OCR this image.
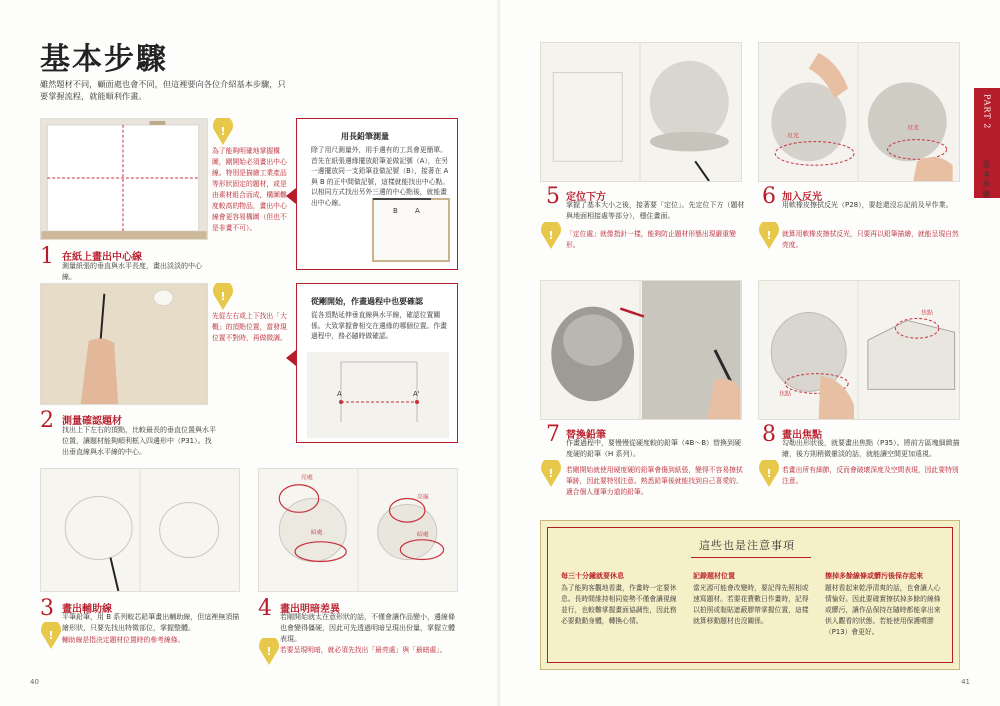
基本步驟
雖然題材不同，顧面處也會不同，但這裡要向各位介紹基本步驟，只要掌握流程，就能順利作畫。
!
為了能夠明確地掌握構圖，剛開始必須畫出中心線。特別是描繪工業產品等形狀固定的題材，或是由素材組合而成，構圖難度較高的物品，畫出中心線會更容易構圖（但也不是非畫不可）。
1 在紙上畫出中心線
測量紙張的垂直與水平長度，畫出淡淡的中心線。
用長鉛筆測量
除了用尺測量外，用手邊有的工具會更簡單。首先在紙張邊緣擺放鉛筆並做記號（A），在另一邊擺放同一支鉛筆並做記號（B），接著在 A 與 B 的正中間做記號，這樣就能找出中心點。以相同方式找出另外三邊的中心點後，就能畫出中心線。
B A
!
先從左右或上下找出「大概」的頂點位置，當發現位置不對時，再做微調。
2 測量確認題材
找出上下左右的頂點，比較最長的垂直位置與水平位置，讓題材能夠順利框入四邊形中（P31）。找出垂直線與水平線的中心。
從剛開始，作畫過程中也要確認
從各頂點延伸垂直線與水平線，確認位置關係。大致掌握會相交在邊緣的哪個位置。作畫過程中，務必隨時做確認。
A	A'
3 畫出輔助線
平筆鉛筆，用 B 系列較芯鉛筆畫出輔助線，但這裡無須描繪形狀，只要先找出特徵部位，掌握整體。
! 輔助線是指決定題材位置時的參考線條。
亮處
亮處
暗處	暗處
4 畫出明暗差異
若剛開始就太在意形狀的話，不僅會讓作品變小，邊線條也會變得僵硬，因此可先透過明暗呈現出份量，掌握立體表現。
! 若要呈現明暗，就必須先找出「最亮處」與「最暗處」。
40
5 定位下方
掌握了基本大小之後，接著要「定位」。先定位下方（題材與地面相接處等部分），穩住畫面。
! 「定位處」就像指針一樣，能夠防止題材形態出現嚴重變形。
反光
反光
6 加入反光
用軟橡皮擦拭反光（P28），要趁還沒忘記前及早作業。
! 就算用軟橡皮擦拭反光，只要再以鉛筆描繪，就能呈現自然亮度。
7 替換鉛筆
作畫過程中，要慢慢從硬度較的鉛筆（4B～B）替換到硬度硬的鉛筆（H 系列）。
! 若剛開始就使用硬度硬的鉛筆會傷到紙張，變得不容易擦拭筆跡，因此要特別注意。熟悉鉛筆後就能找到自己喜愛的、適合個人運筆力道的鉛筆。
焦點
焦點
8 畫出焦點
勾勒出形狀後，就要畫出焦點（P35）。將前方區塊細緻描繪，後方則稍微暈淡的話，就能讓空間更加遠視。
! 若畫出所有細節，反而會破壞深度及空間表現，因此要特別注意。
這些也是注意事項
每三十分鐘就要休息
為了能夠客觀地看畫，作畫時一定要休息。長時間維持相同姿勢不僅會讓視線並行，也較難掌握畫面協調性，因此務必要動動身體，轉換心情。
記錄題材位置
當光源可能會改變時，要記得先照相或速寫題材。若要花費數日作畫時，記得以拍照或黏貼遮蔽膠帶掌握位置，這樣就算移動題材也沒關係。
擦掉多餘線條或髒污後保存起來
題材看起來乾淨清爽的話，也會讓人心情愉好。因此要確實擦拭掉多餘的線條或髒污，讓作品保持在隨時都能拿出來供人觀看的狀態。若能使用保護噴膠（P13）會更好。
PART 2
基本步驟
41
